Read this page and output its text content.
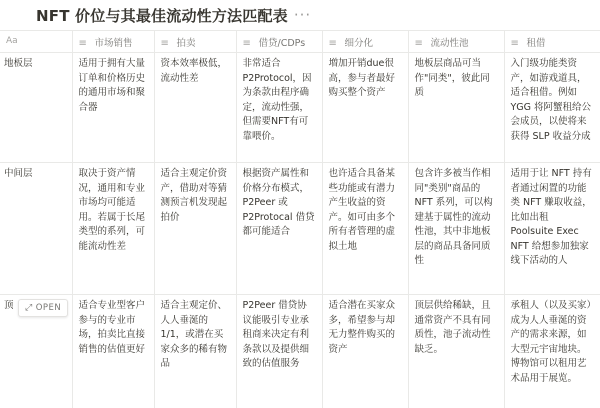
NFT 价位与其最佳流动性方法匹配表 ···
Aa	≡ 市场销售	≡ 拍卖	≡ 借贷/CDPs	≡ 细分化	≡ 流动性池	≡ 租借
地板层	适用于拥有大量订单和价格历史的通用市场和聚合器	资本效率极低，流动性差	非常适合P2Protocol，因为条款由程序确定，流动性强，但需要NFT有可靠喂价。	増加开销due很高，参与者最好购买整个资产	地板层商品可当作"同类"，彼此同质	入门级功能类资产，如游戏道具，适合租借。例如YGG 将阿蟹租给公会成员，以使将来获得 SLP 收益分成
中间层	取决于资产情况，通用和专业市场均可能适用。若属于长尾类型的系列，可能流动性差	适合主观定价资产，借助对等猜测预言机发现起拍价	根据资产属性和价格分布模式，P2Peer 或 P2Protocal 借贷都可能适合	也许适合具备某些功能或有潜力产生收益的资产。如可由多个所有者管理的虚拟土地	包含许多被当作相同"类别"商品的 NFT 系列，可以构建基于属性的流动性池，其中非地板层的商品具备同质性	适用于让 NFT 持有者通过闲置的功能类 NFT 赚取收益，比如出租 Poolsuite Exec NFT 给想参加独家线下活动的人
顶 ⤢ OPEN	适合专业型客户参与的专业市场，拍卖比直接销售的估值更好	适合主观定价、人人垂涎的 1/1，或潜在买家众多的稀有物品	P2Peer 借贷协议能吸引专业承租商来决定有利条款以及提供细致的估值服务	适合潜在买家众多，希望参与却无力整件购买的资产	顶层供给稀缺，且通常资产不具有同质性，池子流动性缺乏。	承租人（以及买家）成为人人垂涎的资产的需求来源，如大型元宇宙地块。博物馆可以租用艺术品用于展览。
